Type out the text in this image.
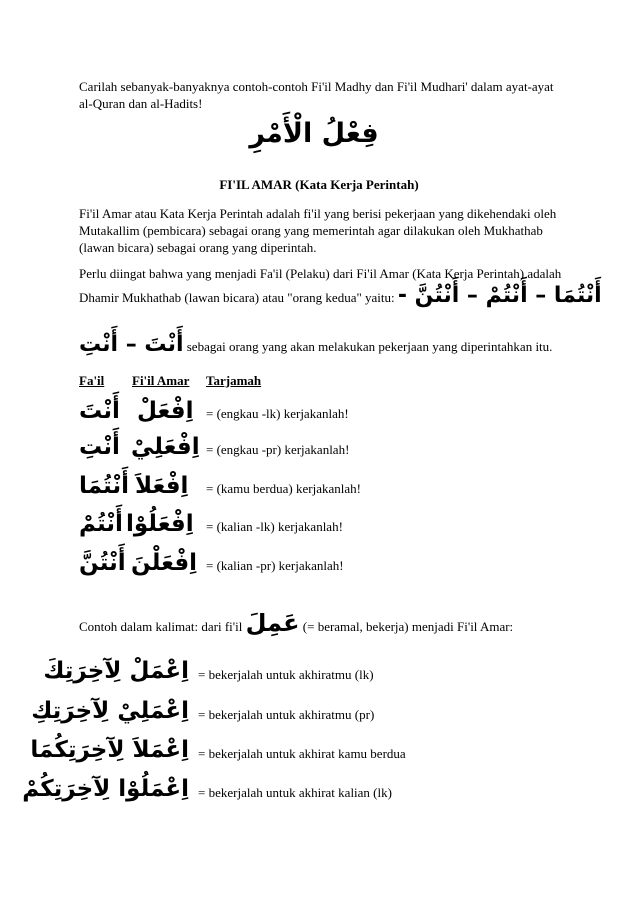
Carilah sebanyak-banyaknya contoh-contoh Fi'il Madhy dan Fi'il Mudhari' dalam ayat-ayat al-Quran dan al-Hadits!

فِعْلُ الْأَمْرِ
FI'IL AMAR (Kata Kerja Perintah)

Fi'il Amar atau Kata Kerja Perintah adalah fi'il yang berisi pekerjaan yang dikehendaki oleh Mutakallim (pembicara) sebagai orang yang memerintah agar dilakukan oleh Mukhathab (lawan bicara) sebagai orang yang diperintah.

Perlu diingat bahwa yang menjadi Fa'il (Pelaku) dari Fi'il Amar (Kata Kerja Perintah) adalah

Dhamir Mukhathab (lawan bicara) atau "orang kedua" yaitu: أَنْتُمَا – أَنْتُمْ – أَنْتُنَّ -
أَنْتَ – أَنْتِ sebagai orang yang akan melakukan pekerjaan yang diperintahkan itu.
Fa'il Fi'il Amar Tarjamah
أَنْتَ اِفْعَلْ = (engkau -lk) kerjakanlah!
أَنْتِ اِفْعَلِيْ = (engkau -pr) kerjakanlah!
أَنْتُمَا اِفْعَلاَ = (kamu berdua) kerjakanlah!
أَنْتُمْ اِفْعَلُوْا = (kalian -lk) kerjakanlah!
أَنْتُنَّ اِفْعَلْنَ = (kalian -pr) kerjakanlah!
Contoh dalam kalimat: dari fi'il عَمِلَ (= beramal, bekerja) menjadi Fi'il Amar:
اِعْمَلْ لِآخِرَتِكَ = bekerjalah untuk akhiratmu (lk)
اِعْمَلِيْ لِآخِرَتِكِ = bekerjalah untuk akhiratmu (pr)
اِعْمَلاَ لِآخِرَتِكُمَا = bekerjalah untuk akhirat kamu berdua
اِعْمَلُوْا لِآخِرَتِكُمْ = bekerjalah untuk akhirat kalian (lk)
